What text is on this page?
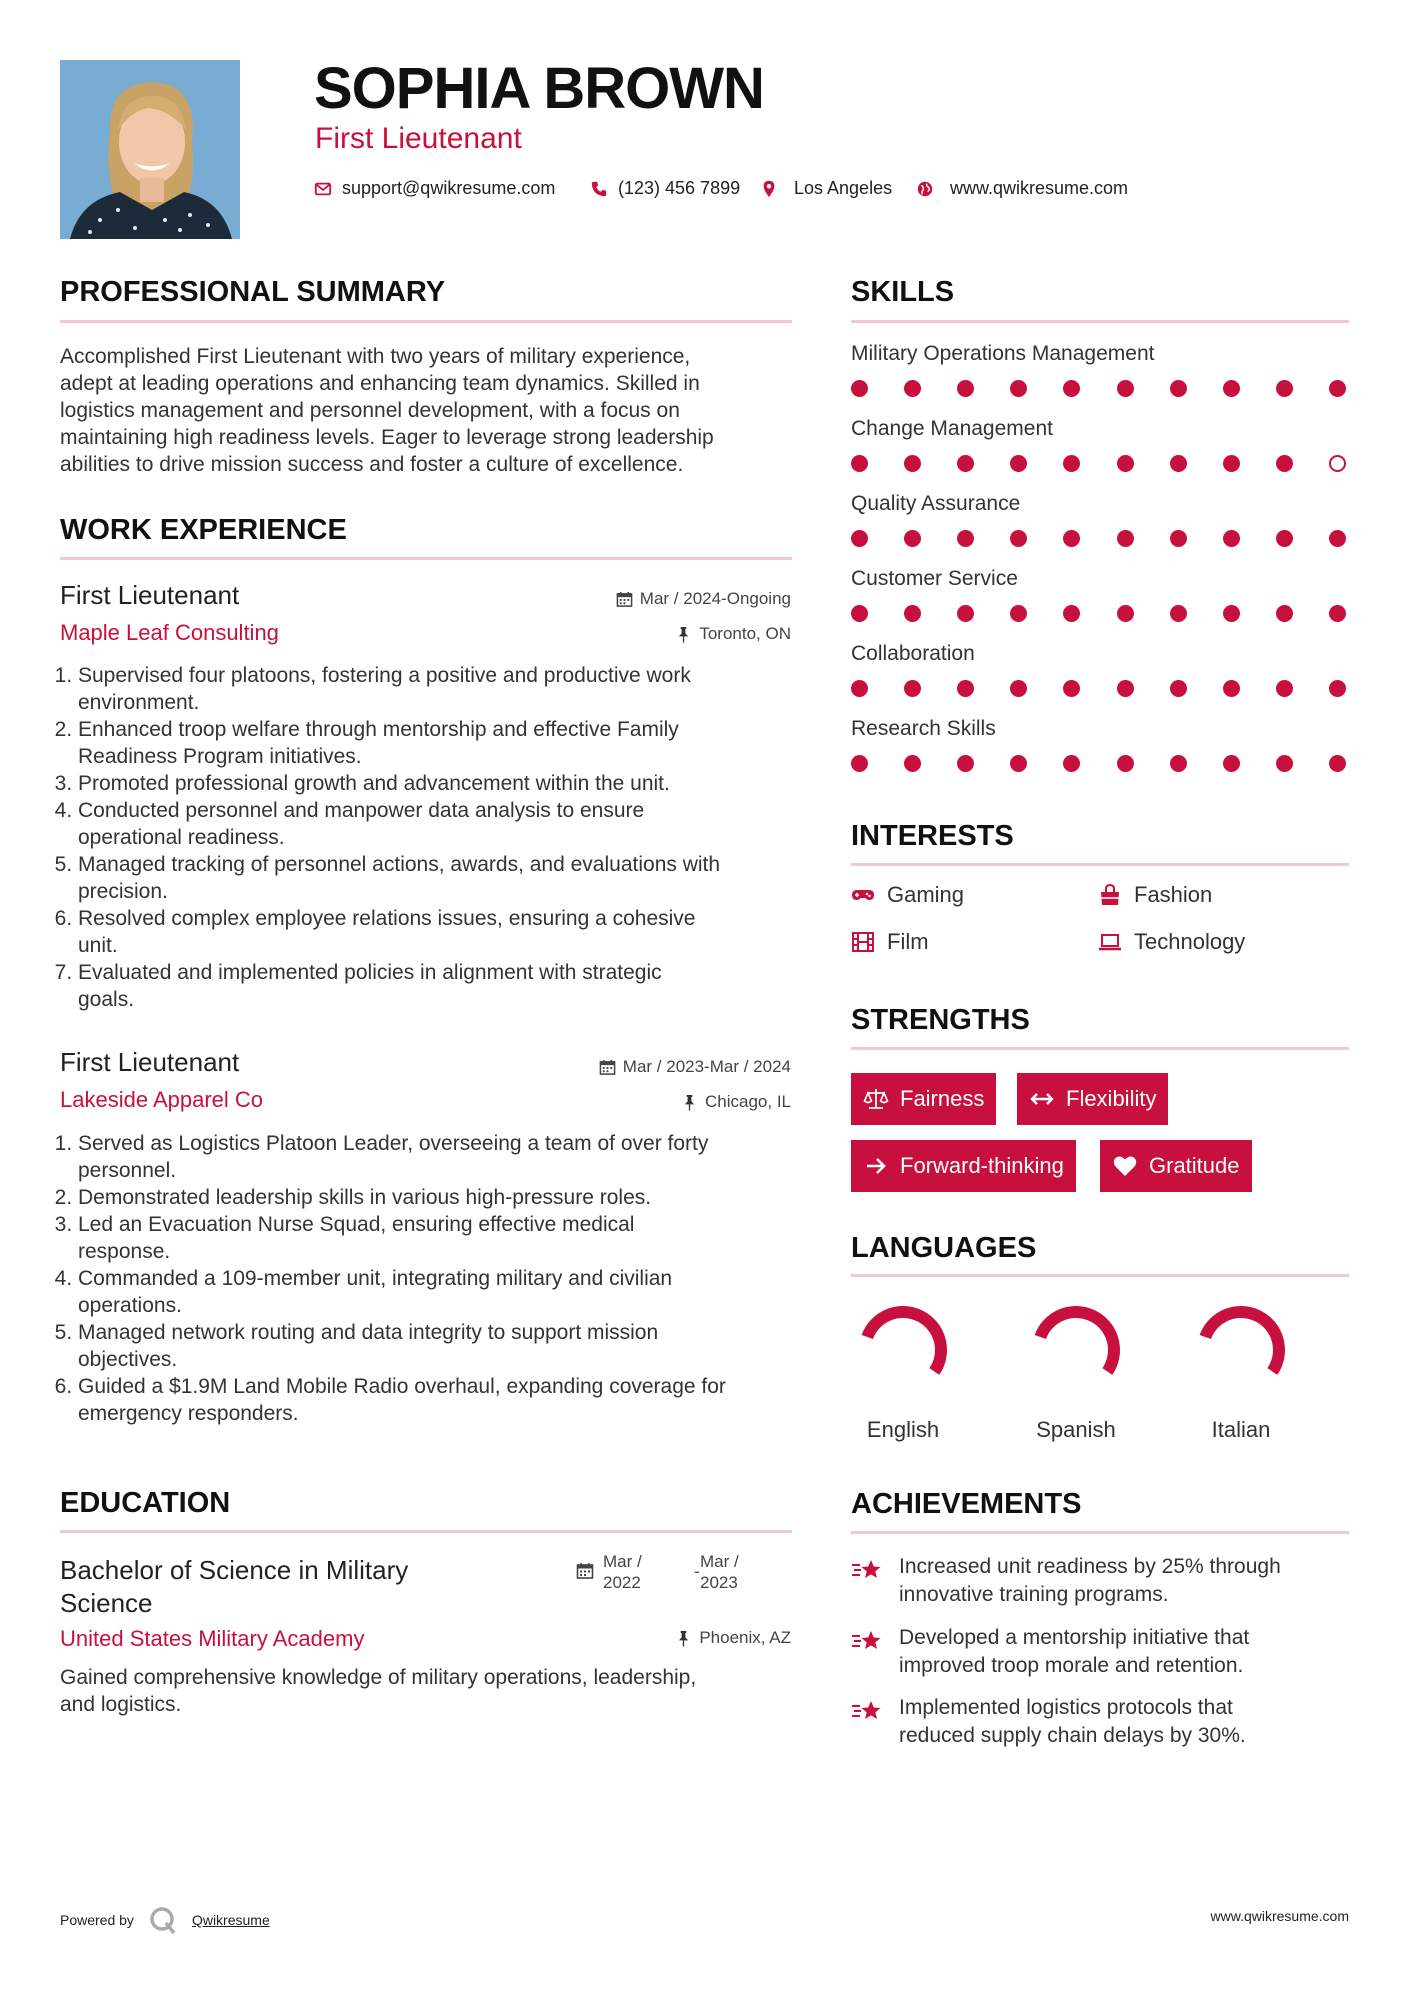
SOPHIA BROWN
First Lieutenant
support@qwikresume.com	(123) 456 7899	Los Angeles	www.qwikresume.com
PROFESSIONAL SUMMARY
Accomplished First Lieutenant with two years of military experience,
adept at leading operations and enhancing team dynamics. Skilled in
logistics management and personnel development, with a focus on
maintaining high readiness levels. Eager to leverage strong leadership
abilities to drive mission success and foster a culture of excellence.
WORK EXPERIENCE
First Lieutenant	Mar / 2024-Ongoing
Maple Leaf Consulting	Toronto, ON
1. Supervised four platoons, fostering a positive and productive work
environment.
2. Enhanced troop welfare through mentorship and effective Family
Readiness Program initiatives.
3. Promoted professional growth and advancement within the unit.
4. Conducted personnel and manpower data analysis to ensure
operational readiness.
5. Managed tracking of personnel actions, awards, and evaluations with
precision.
6. Resolved complex employee relations issues, ensuring a cohesive
unit.
7. Evaluated and implemented policies in alignment with strategic
goals.
First Lieutenant	Mar / 2023-Mar / 2024
Lakeside Apparel Co	Chicago, IL
1. Served as Logistics Platoon Leader, overseeing a team of over forty
personnel.
2. Demonstrated leadership skills in various high-pressure roles.
3. Led an Evacuation Nurse Squad, ensuring effective medical
response.
4. Commanded a 109-member unit, integrating military and civilian
operations.
5. Managed network routing and data integrity to support mission
objectives.
6. Guided a $1.9M Land Mobile Radio overhaul, expanding coverage for
emergency responders.
EDUCATION
Bachelor of Science in Military
Science
Mar /
2022
-
Mar /
2023
United States Military Academy	Phoenix, AZ
Gained comprehensive knowledge of military operations, leadership,
and logistics.
SKILLS
Military Operations Management
Change Management
Quality Assurance
Customer Service
Collaboration
Research Skills
INTERESTS
Gaming	Fashion
Film	Technology
STRENGTHS
Fairness	Flexibility
Forward-thinking	Gratitude
LANGUAGES
English	Spanish	Italian
ACHIEVEMENTS
Increased unit readiness by 25% through
innovative training programs.
Developed a mentorship initiative that
improved troop morale and retention.
Implemented logistics protocols that
reduced supply chain delays by 30%.
Powered by	Qwikresume	www.qwikresume.com
